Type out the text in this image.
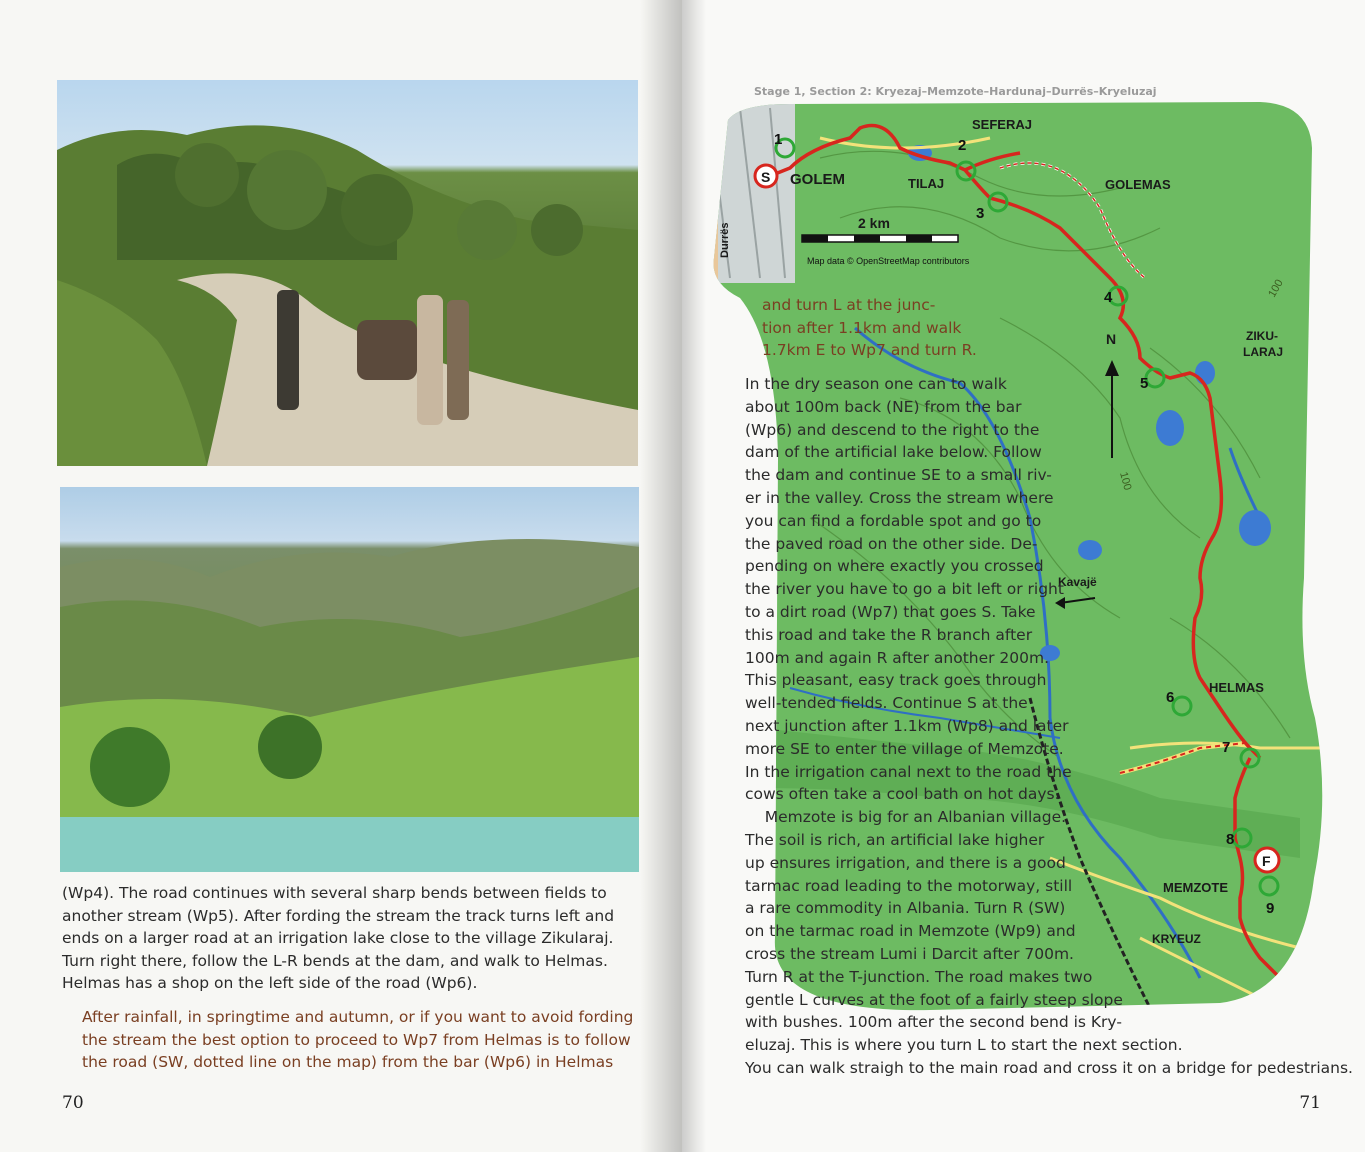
(Wp4). The road continues with several sharp bends between fields to another stream (Wp5). After fording the stream the track turns left and ends on a larger road at an irrigation lake close to the village Zikularaj. Turn right there, follow the L-R bends at the dam, and walk to Helmas. Helmas has a shop on the left side of the road (Wp6).

After rainfall, in springtime and autumn, or if you want to avoid fording the stream the best option to proceed to Wp7 from Helmas is to follow the road (SW, dotted line on the map) from the bar (Wp6) in Helmas

70
Stage 1, Section 2: Kryezaj–Memzote–Hardunaj–Durrës–Kryeluzaj
S
F
1	2
3
4
5
6
7
8
9
GOLEM	TILAJ
SEFERAJ
GOLEMAS
ZIKU-
LARAJ
HELMAS
MEMZOTE
KRYEUZ
Kavajë
Durrës	2 km
Map data © OpenStreetMap contributors
N
100
100
71

and turn L at the junc-
tion after 1.1km and walk
1.7km E to Wp7 and turn R.

In the dry season one can to walk
about 100m back (NE) from the bar
(Wp6) and descend to the right to the
dam of the artificial lake below. Follow
the dam and continue SE to a small riv-
er in the valley. Cross the stream where
you can find a fordable spot and go to
the paved road on the other side. De-
pending on where exactly you crossed
the river you have to go a bit left or right
to a dirt road (Wp7) that goes S. Take
this road and take the R branch after
100m and again R after another 200m.
This pleasant, easy track goes through
well-tended fields. Continue S at the
next junction after 1.1km (Wp8) and later
more SE to enter the village of Memzote.
In the irrigation canal next to the road the
cows often take a cool bath on hot days.
Memzote is big for an Albanian village.
The soil is rich, an artificial lake higher
up ensures irrigation, and there is a good
tarmac road leading to the motorway, still
a rare commodity in Albania. Turn R (SW)
on the tarmac road in Memzote (Wp9) and
cross the stream Lumi i Darcit after 700m.
Turn R at the T-junction. The road makes two
gentle L curves at the foot of a fairly steep slope
with bushes. 100m after the second bend is Kry-
eluzaj. This is where you turn L to start the next section.
You can walk straigh to the main road and cross it on a bridge for pedestrians.
